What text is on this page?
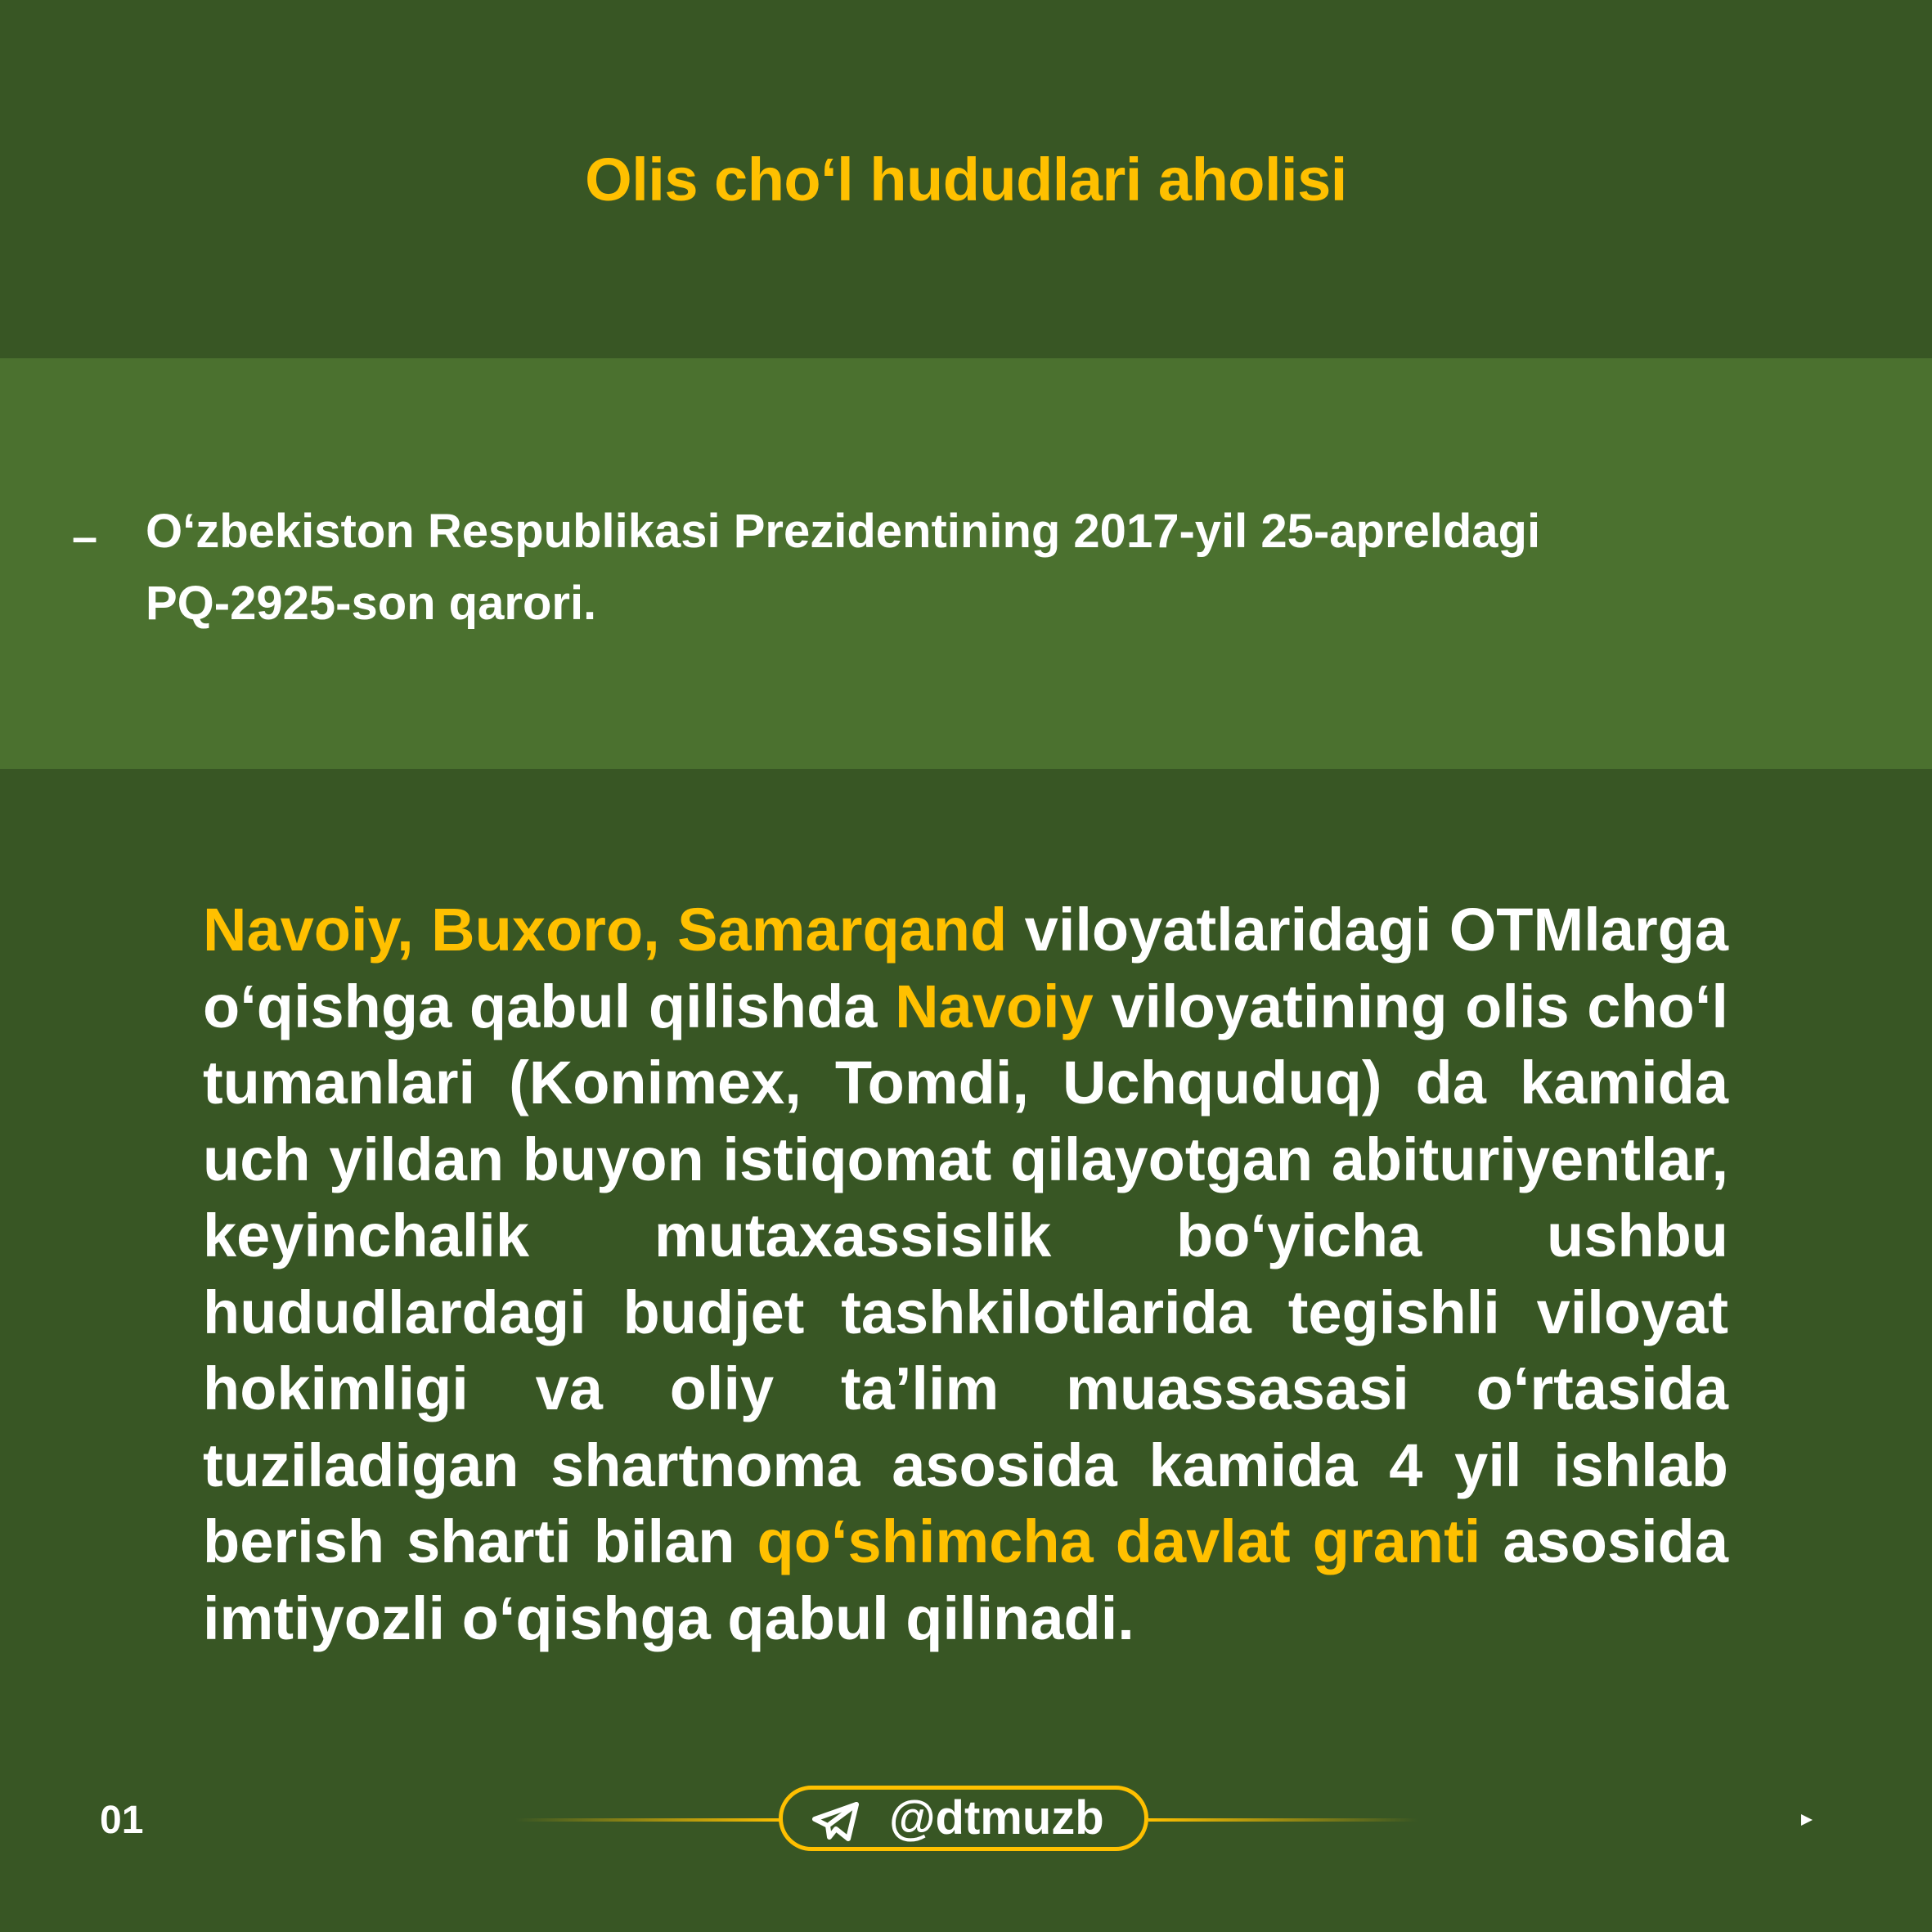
Olis cho‘l hududlari aholisi
– O‘zbekiston Respublikasi Prezidentining 2017-yil 25-apreldagi
PQ-2925-son qarori.
Navoiy, Buxoro, Samarqand viloyatlaridagi OTMlarga o‘qishga qabul qilishda Navoiy viloyatining olis cho‘l tumanlari (Konimex, Tomdi, Uchquduq) da kamida uch yildan buyon istiqomat qilayotgan abituriyentlar, keyinchalik mutaxassislik bo‘yicha ushbu hududlardagi budjet tashkilotlarida tegishli viloyat hokimligi va oliy ta’lim muassasasi o‘rtasida tuziladigan shartnoma asosida kamida 4 yil ishlab berish sharti bilan qo‘shimcha davlat granti asosida imtiyozli o‘qishga qabul qilinadi.
01	@dtmuzb
